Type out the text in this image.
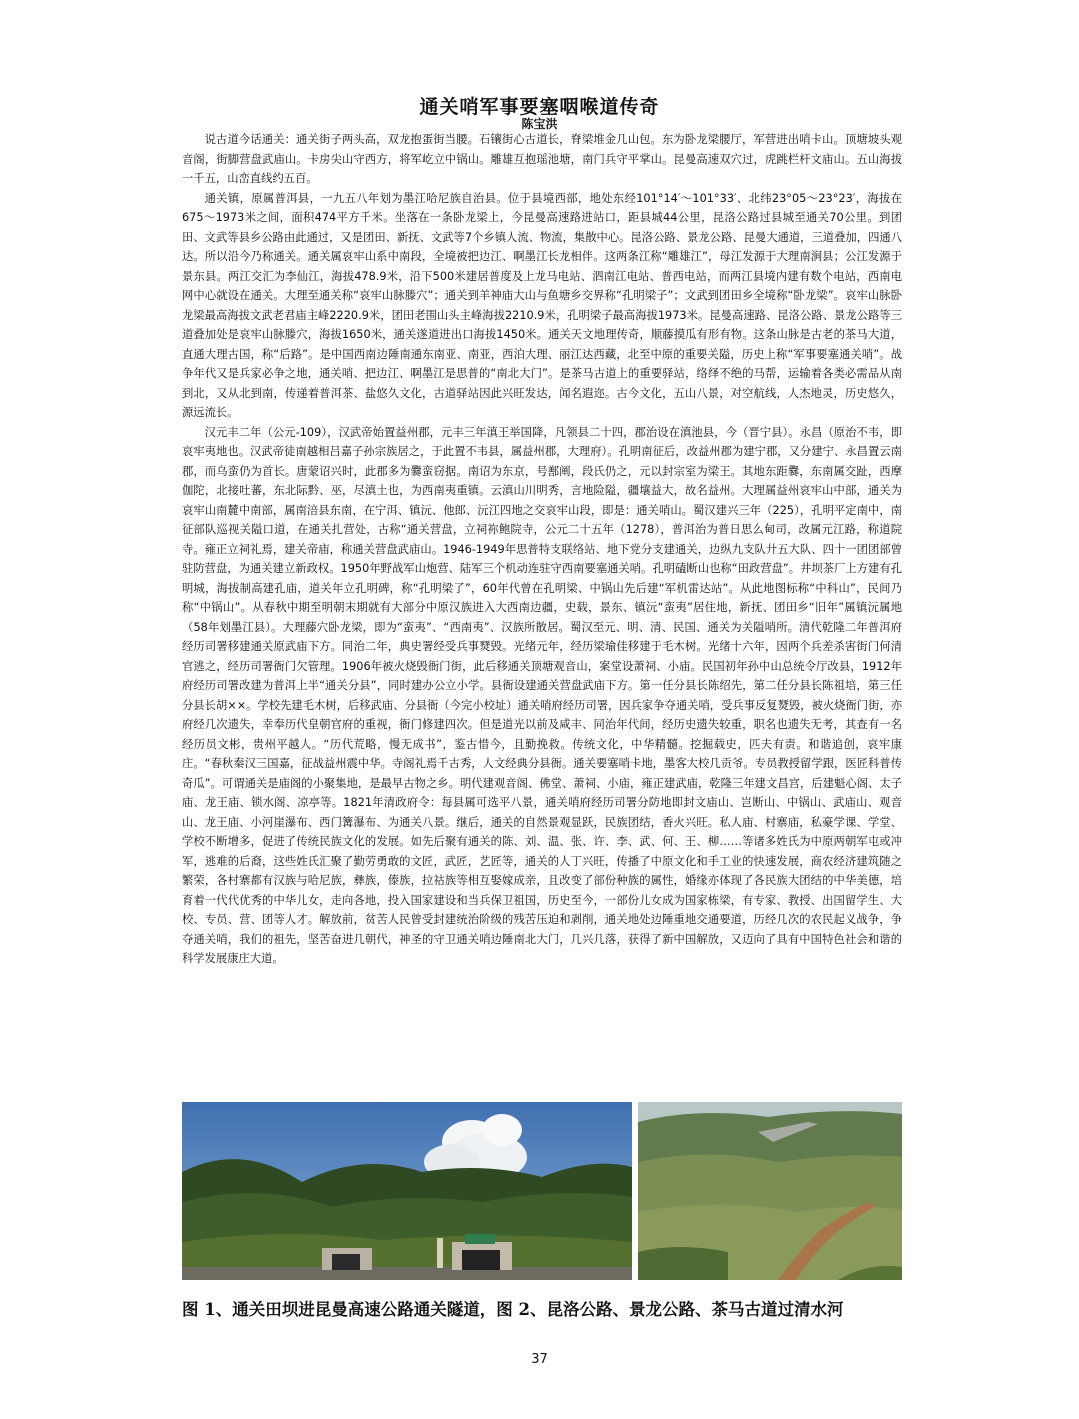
通关哨军事要塞咽喉道传奇
陈宝洪

说古道今话通关：通关街子两头高，双龙抱蛋街当腰。石镶街心古道长，脊梁堆金几山包。东为卧龙梁腰厅，军营进出哨卡山。顶塘坡头观音阁，街脚营盘武庙山。卡房尖山守西方，将军屹立中锅山。雕雄互抱瑶池塘，南门兵守平掌山。昆曼高速双穴过，虎跳栏杆文庙山。五山海拔一千五，山峦直线约五百。

通关镇，原属普洱县，一九五八年划为墨江哈尼族自治县。位于县境西部，地处东经101°14′～101°33′、北纬23°05～23°23′，海拔在675～1973米之间，面积474平方千米。坐落在一条卧龙梁上，今昆曼高速路进站口，距县城44公里，昆洛公路过县城至通关70公里。到团田、文武等县乡公路由此通过，又是团田、新抚、文武等7个乡镇人流、物流，集散中心。昆洛公路、景龙公路、昆曼大通道，三道叠加，四通八达。所以沿今乃称通关。通关属哀牢山系中南段，全境被把边江、啊墨江长龙相伴。这两条江称“雕雄江”，母江发源于大理南涧县；公江发源于景东县。两江交汇为李仙江，海拔478.9米，沿下500米建居普度及上龙马电站、泗南江电站、普西电站，而两江县境内建有数个电站，西南电网中心就设在通关。大理至通关称“哀牢山脉滕穴”；通关到羊神庙大山与鱼塘乡交界称“孔明梁子”；文武到团田乡全境称“卧龙梁”。哀牢山脉卧龙梁最高海拔文武老君庙主峰2220.9米，团田老围山头主峰海拔2210.9米，孔明梁子最高海拔1973米。昆曼高速路、昆洛公路、景龙公路等三道叠加处是哀牢山脉滕穴，海拔1650米，通关遂道进出口海拔1450米。通关天文地理传奇，顺藤摸瓜有形有物。这条山脉是古老的茶马大道，直通大理古国，称“后路”。是中国西南边陲南通东南亚、南亚，西泊大理、丽江达西藏，北至中原的重要关隘，历史上称“军事要塞通关哨”。战争年代又是兵家必争之地，通关哨、把边江、啊墨江是思普的“南北大门”。是茶马古道上的重要驿站，络绎不绝的马帮，运输着各类必需品从南到北，又从北到南，传递着普洱茶、盐悠久文化，古道驿站因此兴旺发达，闻名遐迩。古今文化，五山八景，对空航线，人杰地灵，历史悠久，源远流长。

汉元丰二年（公元-109），汉武帝始置益州郡，元丰三年滇王举国降，凡领县二十四，郡治设在滇池县，今（晋宁县）。永昌（原治不韦，即哀牢夷地也。汉武帝徒南越相吕嘉子孙宗族居之，于此置不韦县，属益州郡，大理府）。孔明南征后，改益州郡为建宁郡，又分建宁、永昌置云南郡，而乌蛮仍为首长。唐蒙诏兴时，此郡多为爨蛮窃据。南诏为东京，号鄯阐，段氏仍之，元以封宗室为梁王。其地东距爨，东南属交趾，西摩伽陀，北接吐蕃，东北际黔、巫，尽滇土也，为西南夷重镇。云滇山川明秀，言地险隘，疆壤益大，故名益州。大理属益州哀牢山中部，通关为哀牢山南麓中南部，属南涪县东南，在宁洱、镇沅、他郎、沅江四地之交哀牢山段，即是：通关哨山。蜀汉建兴三年（225），孔明平定南中，南征部队巡视关隘口道，在通关扎营处，古称“通关营盘，立祠祢鲍院寺，公元二十五年（1278），普洱治为普日思么甸司，改属元江路，称道院寺。雍正立祠礼焉，建关帝庙，称通关营盘武庙山。1946-1949年思普特支联络站、地下党分支建通关，边纵九支队廾五大队、四十一团团部曾驻防营盘，为通关建立新政权。1950年野战军山炮营、陆军三个机动连驻守西南要塞通关哨。孔明磕断山也称“田政营盘”。井坝茶厂上方建有孔明城，海拔制高建孔庙，道关年立孔明碑，称“孔明梁了”，60年代曾在孔明梁、中锅山先后建“军机雷达站”。从此地图标称“中科山”，民间乃称“中锅山”。从春秋中期至明朝末期就有大部分中原汉族进入大西南边疆，史载，景东、镇沅“蛮夷”居住地，新抚、团田乡“旧年”属镇沅属地（58年划墨江县）。大理藤穴卧龙梁，即为“蛮夷”、“西南夷”、汉族所散居。蜀汉至元、明、清、民国、通关为关隘哨所。清代乾隆二年普洱府经历司署移建通关原武庙下方。同治二年，典史署经受兵事燹毁。光绪元年，经历梁瑜佳移建于毛木树。光绪十六年，因两个兵差杀害街门何清官逃之，经历司署衙门欠管理。1906年被火烧毁衙门街，此后移通关顶塘观音山，案堂设萧祠、小庙。民国初年孙中山总统令厅改县，1912年府经历司署改建为普洱上半“通关分县”，同时建办公立小学。县衙设建通关营盘武庙下方。第一任分县长陈绍先，第二任分县长陈祖培，第三任分县长胡××。学校先建毛木树，后移武庙、分县衙（今完小校址）通关哨府经历司署，因兵家争夺通关哨，受兵事反复燹毁，被火烧衙门街，亦府经几次遗失，幸奉历代皇朝官府的重视，衙门修建四次。但是道光以前及咸丰、同治年代间，经历史遗失较重，职名也遗失无考，其查有一名经历员文彬，贵州平越人。“历代荒略，慢无成书”，鉴古惜今，且勤挽救。传统文化，中华精髓。挖掘载史，匹夫有责。和谐追创，哀牢康庄。“春秋秦汉三国嘉，征战益州震中华。寺阁礼焉千古秀，人文经典分县衙。通关要塞哨卡地，墨客大校几贡爷。专员教授留学跟，医匠科普传奇瓜”。可谓通关是庙阁的小聚集地，是最早古物之乡。明代建观音阁、佛堂、萧祠、小庙，雍正建武庙，乾隆三年建文昌宫，后建魁心阁、太子庙、龙王庙、锁水阁、凉亭等。1821年清政府令：每县属可选平八景，通关哨府经历司署分防地即封文庙山、岂断山、中锅山、武庙山、观音山、龙王庙、小河崖瀑布、西门篝瀑布、为通关八景。继后，通关的自然景观显跃，民族团结，香火兴旺。私人庙、村寨庙，私豪学课、学堂、学校不断增多，促进了传统民族文化的发展。如先后聚有通关的陈、刘、温、张、许、李、武、何、王、柳……等诸多姓氏为中原两朝军屯或冲军，逃难的后裔，这些姓氏汇聚了勤劳勇敢的文匠，武匠，艺匠等，通关的人丁兴旺，传播了中原文化和手工业的快速发展，商农经济建筑随之繁荣，各村寨都有汉族与哈尼族，彝族，傣族，拉祜族等相互娶嫁成亲，且改变了部份种族的属性，婚缘亦体现了各民族大团结的中华美德，培育着一代代优秀的中华儿女，走向各地，投入国家建设和当兵保卫祖国，历史至今，一部份儿女成为国家栋梁，有专家、教授、出国留学生、大校、专员、营、团等人才。解放前，贫苦人民曾受封建统治阶级的残苦压迫和剥削，通关地处边陲重地交通要道，历经几次的农民起义战争，争夺通关哨，我们的祖先，坚苦奋进几朝代，神圣的守卫通关哨边陲南北大门，几兴几落，获得了新中国解放，又迈向了具有中国特色社会和谐的科学发展康庄大道。

图 1、通关田坝进昆曼高速公路通关隧道，图 2、昆洛公路、景龙公路、茶马古道过清水河
37
